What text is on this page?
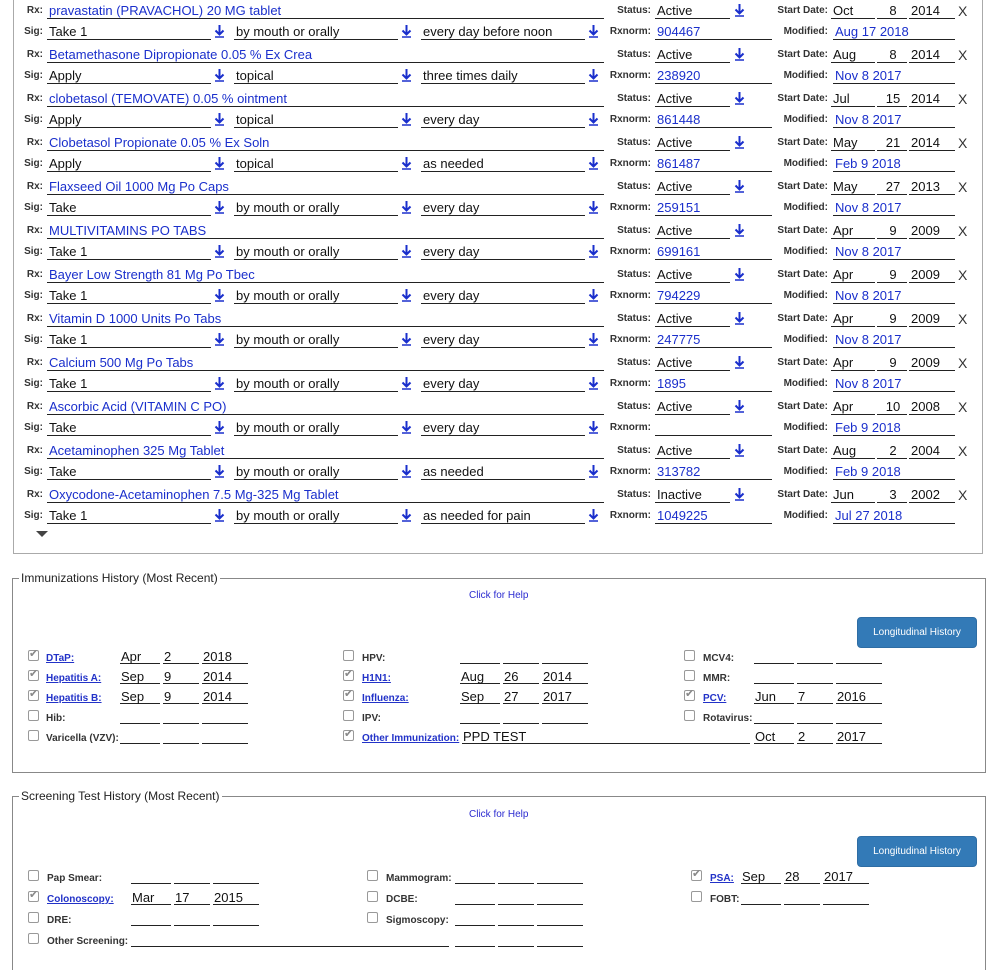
Immunizations History (Most Recent)
Click for Help
Longitudinal History
Screening Test History (Most Recent)
Click for Help
Longitudinal History
Rx: pravastatin (PRAVACHOL) 20 MG tablet	Status: Active	Start Date: Oct	8	2014	X
Sig: Take 1	by mouth or orally	every day before noon	Rxnorm: 904467	Modified: Aug 17 2018
Rx: Betamethasone Dipropionate 0.05 % Ex Crea	Status: Active	Start Date: Aug	8	2014	X
Sig: Apply	topical	three times daily	Rxnorm: 238920	Modified: Nov 8 2017
Rx: clobetasol (TEMOVATE) 0.05 % ointment	Status: Active	Start Date: Jul	15 2014	X
Sig: Apply	topical	every day	Rxnorm: 861448	Modified: Nov 8 2017
Rx: Clobetasol Propionate 0.05 % Ex Soln	Status: Active	Start Date: May	21 2014	X
Sig: Apply	topical	as needed	Rxnorm: 861487	Modified: Feb 9 2018
Rx: Flaxseed Oil 1000 Mg Po Caps	Status: Active	Start Date: May	27 2013	X
Sig: Take	by mouth or orally	every day	Rxnorm: 259151	Modified: Nov 8 2017
Rx: MULTIVITAMINS PO TABS	Status: Active	Start Date: Apr	9	2009	X
Sig: Take 1	by mouth or orally	every day	Rxnorm: 699161	Modified: Nov 8 2017
Rx: Bayer Low Strength 81 Mg Po Tbec	Status: Active	Start Date: Apr	9	2009	X
Sig: Take 1	by mouth or orally	every day	Rxnorm: 794229	Modified: Nov 8 2017
Rx: Vitamin D 1000 Units Po Tabs	Status: Active	Start Date: Apr	9	2009	X
Sig: Take 1	by mouth or orally	every day	Rxnorm: 247775	Modified: Nov 8 2017
Rx: Calcium 500 Mg Po Tabs	Status: Active	Start Date: Apr	9	2009	X
Sig: Take 1	by mouth or orally	every day	Rxnorm: 1895	Modified: Nov 8 2017
Rx: Ascorbic Acid (VITAMIN C PO)	Status: Active	Start Date: Apr	10 2008	X
Sig: Take	by mouth or orally	every day	Rxnorm:	Modified: Feb 9 2018
Rx: Acetaminophen 325 Mg Tablet	Status: Active	Start Date: Aug	2	2004	X
Sig: Take	by mouth or orally	as needed	Rxnorm: 313782	Modified: Feb 9 2018
Rx: Oxycodone-Acetaminophen 7.5 Mg-325 Mg Tablet	Status: Inactive	Start Date: Jun	3	2002	X
Sig: Take 1	by mouth or orally	as needed for pain	Rxnorm: 1049225	Modified: Jul 27 2018
✔
DTaP:	Apr	2	2018
✔
Hepatitis A: Sep	9	2014
✔
Hepatitis B: Sep	9	2014
Hib:
Varicella (VZV):
HPV:
✔
H1N1:	Aug	26	2014
✔
Influenza:	Sep	27	2017
IPV:
✔
Other Immunization: PPD TEST	Oct	2	2017
MCV4:
MMR:
✔
PCV: Jun	7	2016
Rotavirus:
Pap Smear:
✔
Colonoscopy: Mar	17	2015
DRE:
Other Screening:
Mammogram:
DCBE:
Sigmoscopy:
✔
PSA: Sep	28	2017
FOBT:
